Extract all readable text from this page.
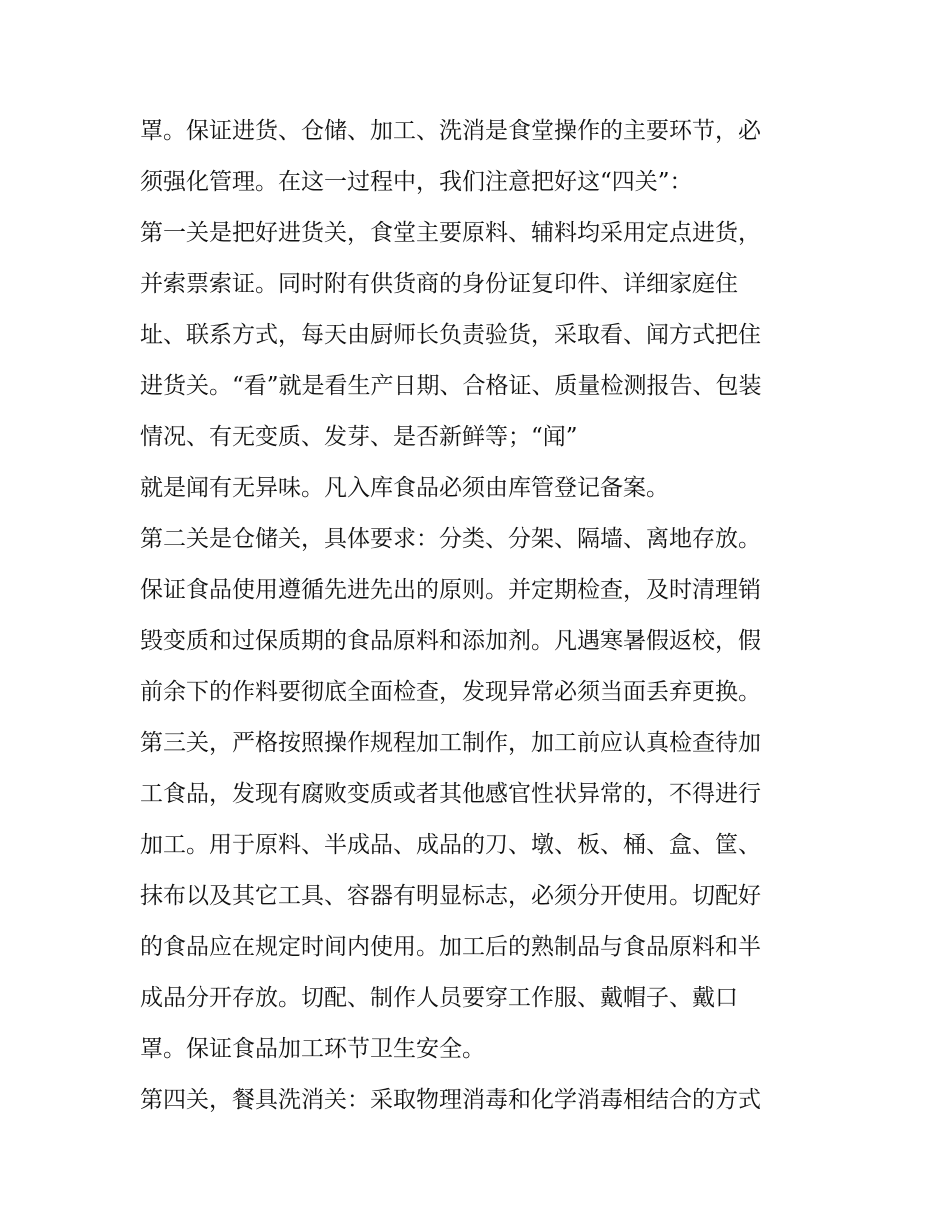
罩。保证进货、仓储、加工、洗消是食堂操作的主要环节，必
须强化管理。在这一过程中，我们注意把好这“四关”：
第一关是把好进货关，食堂主要原料、辅料均采用定点进货，
并索票索证。同时附有供货商的身份证复印件、详细家庭住
址、联系方式，每天由厨师长负责验货，采取看、闻方式把住
进货关。“看”就是看生产日期、合格证、质量检测报告、包装
情况、有无变质、发芽、是否新鲜等；“闻”
就是闻有无异味。凡入库食品必须由库管登记备案。
第二关是仓储关，具体要求：分类、分架、隔墙、离地存放。
保证食品使用遵循先进先出的原则。并定期检查，及时清理销
毁变质和过保质期的食品原料和添加剂。凡遇寒暑假返校，假
前余下的作料要彻底全面检查，发现异常必须当面丢弃更换。
第三关，严格按照操作规程加工制作，加工前应认真检查待加
工食品，发现有腐败变质或者其他感官性状异常的，不得进行
加工。用于原料、半成品、成品的刀、墩、板、桶、盒、筐、
抹布以及其它工具、容器有明显标志，必须分开使用。切配好
的食品应在规定时间内使用。加工后的熟制品与食品原料和半
成品分开存放。切配、制作人员要穿工作服、戴帽子、戴口
罩。保证食品加工环节卫生安全。
第四关，餐具洗消关：采取物理消毒和化学消毒相结合的方式
